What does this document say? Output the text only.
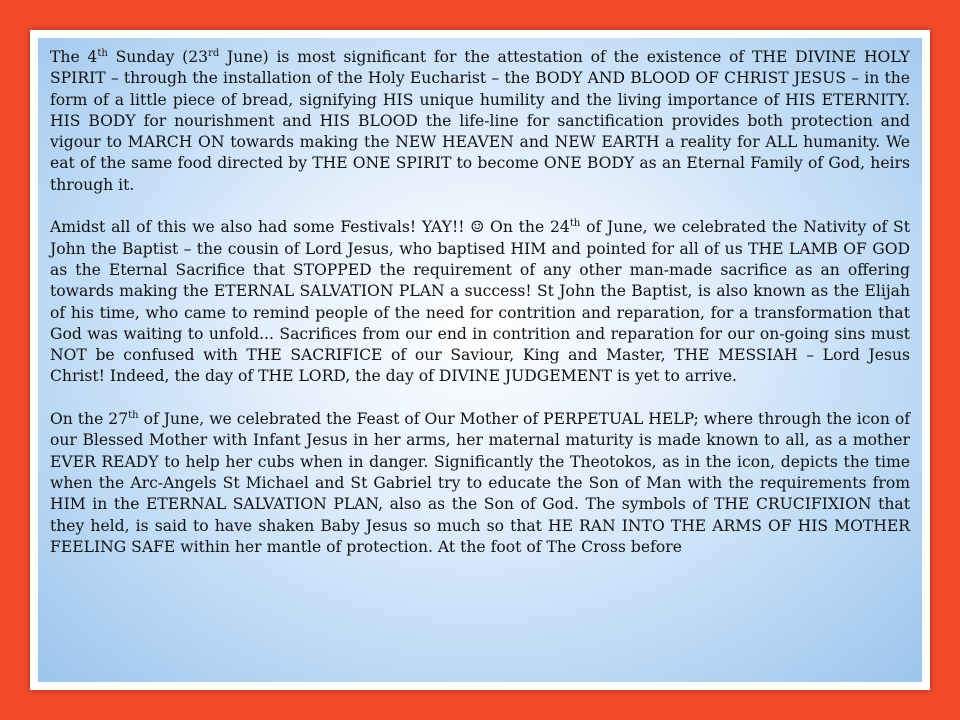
The 4th Sunday (23rd June) is most significant for the attestation of the existence of THE DIVINE HOLY SPIRIT – through the installation of the Holy Eucharist – the BODY AND BLOOD OF CHRIST JESUS – in the form of a little piece of bread, signifying HIS unique humility and the living importance of HIS ETERNITY. HIS BODY for nourishment and HIS BLOOD the life-line for sanctification provides both protection and vigour to MARCH ON towards making the NEW HEAVEN and NEW EARTH a reality for ALL humanity. We eat of the same food directed by THE ONE SPIRIT to become ONE BODY as an Eternal Family of God, heirs through it.

Amidst all of this we also had some Festivals! YAY!! ☺ On the 24th of June, we celebrated the Nativity of St John the Baptist – the cousin of Lord Jesus, who baptised HIM and pointed for all of us THE LAMB OF GOD as the Eternal Sacrifice that STOPPED the requirement of any other man-made sacrifice as an offering towards making the ETERNAL SALVATION PLAN a success! St John the Baptist, is also known as the Elijah of his time, who came to remind people of the need for contrition and reparation, for a transformation that God was waiting to unfold... Sacrifices from our end in contrition and reparation for our on-going sins must NOT be confused with THE SACRIFICE of our Saviour, King and Master, THE MESSIAH – Lord Jesus Christ! Indeed, the day of THE LORD, the day of DIVINE JUDGEMENT is yet to arrive.

On the 27th of June, we celebrated the Feast of Our Mother of PERPETUAL HELP; where through the icon of our Blessed Mother with Infant Jesus in her arms, her maternal maturity is made known to all, as a mother EVER READY to help her cubs when in danger. Significantly the Theotokos, as in the icon, depicts the time when the Arc-Angels St Michael and St Gabriel try to educate the Son of Man with the requirements from HIM in the ETERNAL SALVATION PLAN, also as the Son of God. The symbols of THE CRUCIFIXION that they held, is said to have shaken Baby Jesus so much so that HE RAN INTO THE ARMS OF HIS MOTHER FEELING SAFE within her mantle of protection. At the foot of The Cross before
